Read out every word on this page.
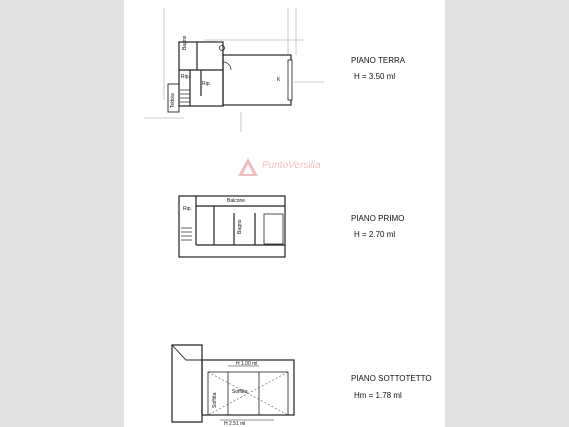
Bagno
Rip.
Rip.
K
Tettoia
PIANO TERRA
H = 3.50 ml
PuntoVersilia
Rip.
Balcone
Bagno
PIANO PRIMO
H = 2.70 ml
H 1.00 ml
Soffitta
Soffitta
H 2.51 ml
PIANO SOTTOTETTO
Hm = 1.78 ml
